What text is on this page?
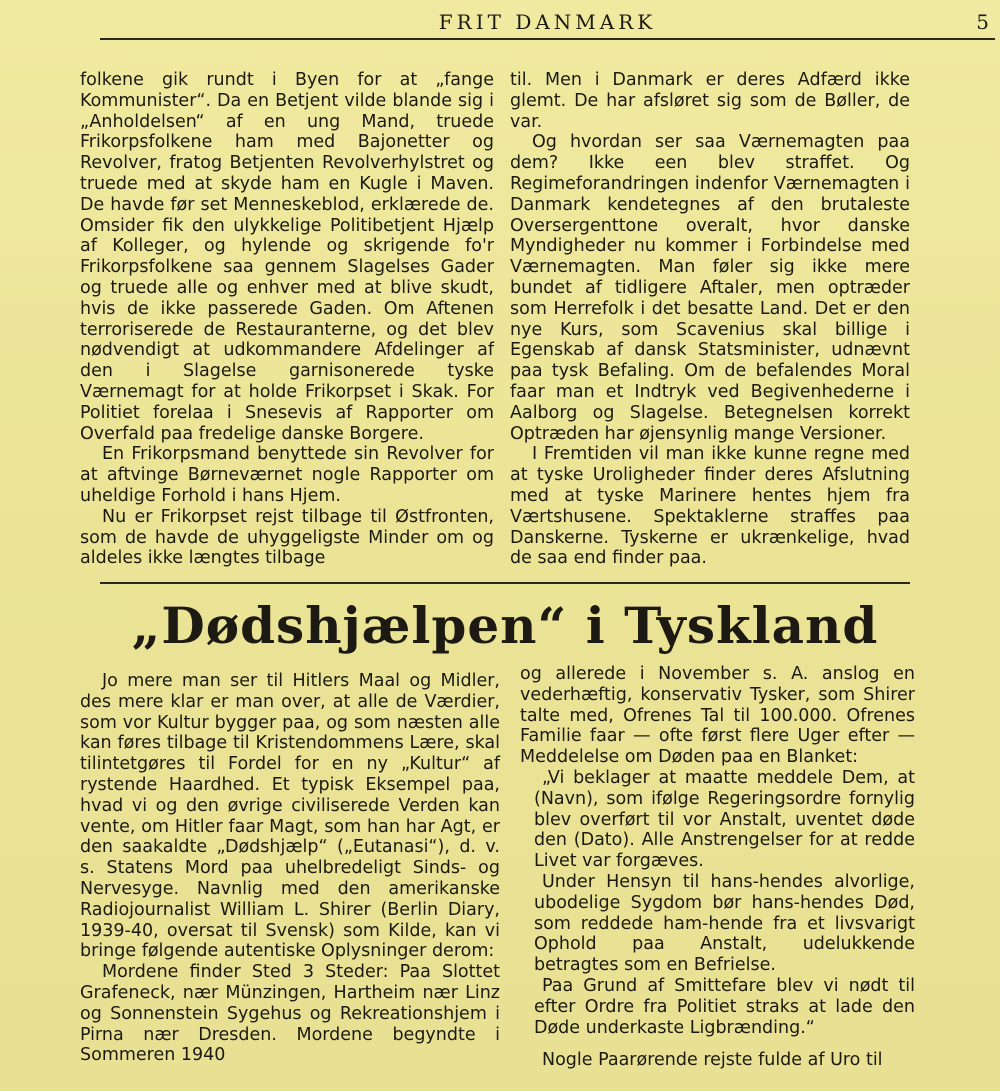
FRIT DANMARK	5

folkene gik rundt i Byen for at „fange Kommunister“. Da en Betjent vilde blande sig i „Anholdelsen“ af en ung Mand, truede Frikorpsfolkene ham med Bajonetter og Revolver, fratog Betjenten Revolverhylstret og truede med at skyde ham en Kugle i Maven. De havde før set Menneskeblod, erklærede de. Omsider fik den ulykkelige Politibetjent Hjælp af Kolleger, og hylende og skrigende fo'r Frikorpsfolkene saa gennem Slagelses Gader og truede alle og enhver med at blive skudt, hvis de ikke passerede Gaden. Om Aftenen terroriserede de Restauranterne, og det blev nødvendigt at udkommandere Afdelinger af den i Slagelse garnisonerede tyske Værnemagt for at holde Frikorpset i Skak. For Politiet forelaa i Snesevis af Rapporter om Overfald paa fredelige danske Borgere.

En Frikorpsmand benyttede sin Revolver for at aftvinge Børneværnet nogle Rapporter om uheldige Forhold i hans Hjem.

Nu er Frikorpset rejst tilbage til Østfronten, som de havde de uhyggeligste Minder om og aldeles ikke længtes tilbage

til. Men i Danmark er deres Adfærd ikke glemt. De har afsløret sig som de Bøller, de var.

Og hvordan ser saa Værnemagten paa dem? Ikke een blev straffet. Og Regimeforandringen indenfor Værnemagten i Danmark kendetegnes af den brutaleste Oversergenttone overalt, hvor danske Myndigheder nu kommer i Forbindelse med Værnemagten. Man føler sig ikke mere bundet af tidligere Aftaler, men optræder som Herrefolk i det besatte Land. Det er den nye Kurs, som Scavenius skal billige i Egenskab af dansk Statsminister, udnævnt paa tysk Befaling. Om de befalendes Moral faar man et Indtryk ved Begivenhederne i Aalborg og Slagelse. Betegnelsen korrekt Optræden har øjensynlig mange Versioner.

I Fremtiden vil man ikke kunne regne med at tyske Uroligheder finder deres Afslutning med at tyske Marinere hentes hjem fra Værtshusene. Spektaklerne straffes paa Danskerne. Tyskerne er ukrænkelige, hvad de saa end finder paa.

„Dødshjælpen“ i Tyskland

Jo mere man ser til Hitlers Maal og Midler, des mere klar er man over, at alle de Værdier, som vor Kultur bygger paa, og som næsten alle kan føres tilbage til Kristendommens Lære, skal tilintetgøres til Fordel for en ny „Kultur“ af rystende Haardhed. Et typisk Eksempel paa, hvad vi og den øvrige civiliserede Verden kan vente, om Hitler faar Magt, som han har Agt, er den saakaldte „Dødshjælp“ („Eutanasi“), d. v. s. Statens Mord paa uhelbredeligt Sinds- og Nervesyge. Navnlig med den amerikanske Radiojournalist William L. Shirer (Berlin Diary, 1939-40, oversat til Svensk) som Kilde, kan vi bringe følgende autentiske Oplysninger derom:

Mordene finder Sted 3 Steder: Paa Slottet Grafeneck, nær Münzingen, Hartheim nær Linz og Sonnenstein Sygehus og Rekreationshjem i Pirna nær Dresden. Mordene begyndte i Sommeren 1940

og allerede i November s. A. anslog en vederhæftig, konservativ Tysker, som Shirer talte med, Ofrenes Tal til 100.000. Ofrenes Familie faar — ofte først flere Uger efter — Meddelelse om Døden paa en Blanket:

„Vi beklager at maatte meddele Dem, at (Navn), som ifølge Regeringsordre fornylig blev overført til vor Anstalt, uventet døde den (Dato). Alle Anstrengelser for at redde Livet var forgæves.

Under Hensyn til hans-hendes alvorlige, ubodelige Sygdom bør hans-hendes Død, som reddede ham-hende fra et livsvarigt Ophold paa Anstalt, udelukkende betragtes som en Befrielse.

Paa Grund af Smittefare blev vi nødt til efter Ordre fra Politiet straks at lade den Døde underkaste Ligbrænding.“

Nogle Paarørende rejste fulde af Uro til
